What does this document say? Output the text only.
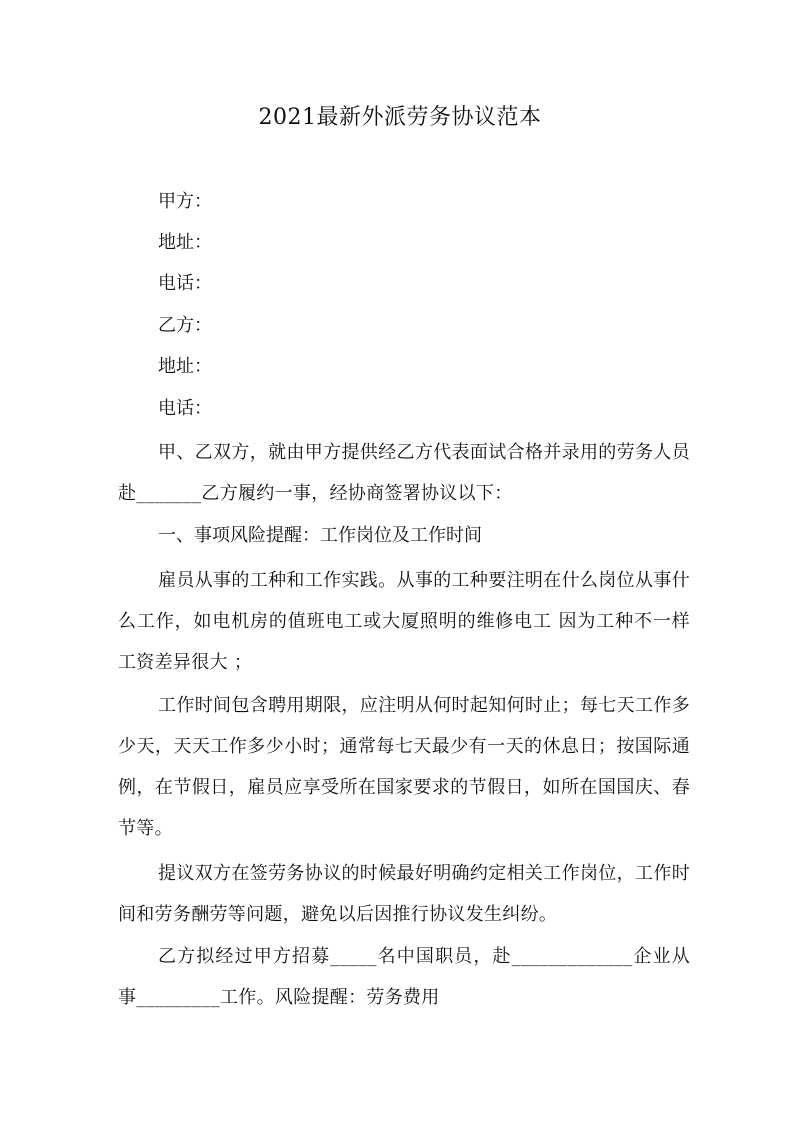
2021最新外派劳务协议范本
甲方：
地址：
电话：
乙方：
地址：
电话：

甲、乙双方，就由甲方提供经乙方代表面试合格并录用的劳务人员赴_______乙方履约一事，经协商签署协议以下：

一、事项风险提醒：工作岗位及工作时间

雇员从事的工种和工作实践。从事的工种要注明在什么岗位从事什么工作，如电机房的值班电工或大厦照明的维修电工 因为工种不一样工资差异很大 ；

工作时间包含聘用期限，应注明从何时起知何时止；每七天工作多少天，天天工作多少小时；通常每七天最少有一天的休息日；按国际通例，在节假日，雇员应享受所在国家要求的节假日，如所在国国庆、春节等。

提议双方在签劳务协议的时候最好明确约定相关工作岗位，工作时间和劳务酬劳等问题，避免以后因推行协议发生纠纷。

乙方拟经过甲方招募_____名中国职员，赴_____________企业从事_________工作。风险提醒：劳务费用
